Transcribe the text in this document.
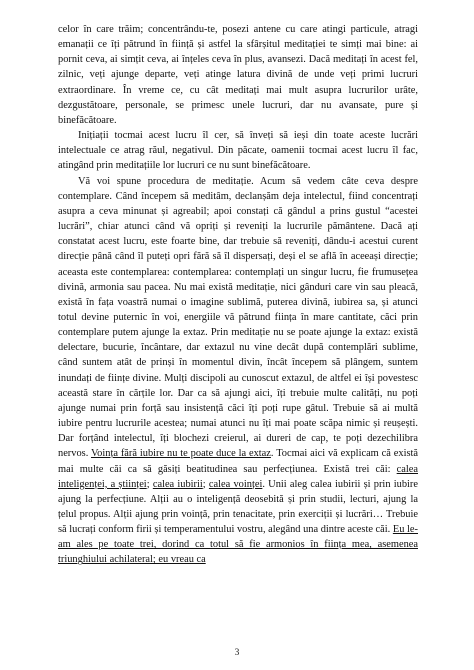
celor în care trăim; concentrându-te, posezi antene cu care atingi particule, atragi emanații ce îți pătrund în ființă și astfel la sfârșitul meditației te simți mai bine: ai pornit ceva, ai simțit ceva, ai înțeles ceva în plus, avansezi. Dacă meditați în acest fel, zilnic, veți ajunge departe, veți atinge latura divină de unde veți primi lucruri extraordinare. În vreme ce, cu cât meditați mai mult asupra lucrurilor urâte, dezgustătoare, personale, se primesc unele lucruri, dar nu avansate, pure și binefăcătoare.

Inițiații tocmai acest lucru îl cer, să înveți să ieși din toate aceste lucrări intelectuale ce atrag răul, negativul. Din păcate, oamenii tocmai acest lucru îl fac, atingând prin meditațiile lor lucruri ce nu sunt binefăcătoare.

Vă voi spune procedura de meditație. Acum să vedem câte ceva despre contemplare. Când începem să meditâm, declanșăm deja intelectul, fiind concentrați asupra a ceva minunat și agreabil; apoi constați că gândul a prins gustul “acestei lucrări”, chiar atunci când vă opriți și reveniți la lucrurile pământene. Dacă ați constatat acest lucru, este foarte bine, dar trebuie să reveniți, dându-i acestui curent direcție până când îl puteți opri fără să îl dispersați, deși el se află în aceeași direcție; aceasta este contemplarea: contemplarea: contemplați un singur lucru, fie frumusețea divină, armonia sau pacea. Nu mai există meditație, nici gânduri care vin sau pleacă, există în fața voastră numai o imagine sublimă, puterea divină, iubirea sa, și atunci totul devine puternic în voi, energiile vă pătrund ființa în mare cantitate, căci prin contemplare putem ajunge la extaz. Prin meditație nu se poate ajunge la extaz: există delectare, bucurie, încântare, dar extazul nu vine decât după contemplări sublime, când suntem atât de prinși în momentul divin, încât începem să plângem, suntem inundați de ființe divine. Mulți discipoli au cunoscut extazul, de altfel ei își povestesc această stare în cărțile lor. Dar ca să ajungi aici, îți trebuie multe calități, nu poți ajunge numai prin forță sau insistență căci îți poți rupe gâtul. Trebuie să ai multă iubire pentru lucrurile acestea; numai atunci nu îți mai poate scăpa nimic și reușești. Dar forțând intelectul, îți blochezi creierul, ai dureri de cap, te poți dezechilibra nervos. Voința fără iubire nu te poate duce la extaz. Tocmai aici vă explicam că există mai multe căi ca să găsiți beatitudinea sau perfecțiunea. Există trei căi: calea inteligenței, a științei; calea iubirii; calea voinței. Unii aleg calea iubirii și prin iubire ajung la perfecțiune. Alții au o inteligență deosebită și prin studii, lecturi, ajung la țelul propus. Alții ajung prin voință, prin tenacitate, prin exerciții și lucrări… Trebuie să lucrați conform firii și temperamentului vostru, alegând una dintre aceste căi. Eu le-am ales pe toate trei, dorind ca totul să fie armonios în ființa mea, asemenea triunghiului achilateral; eu vreau ca

3
